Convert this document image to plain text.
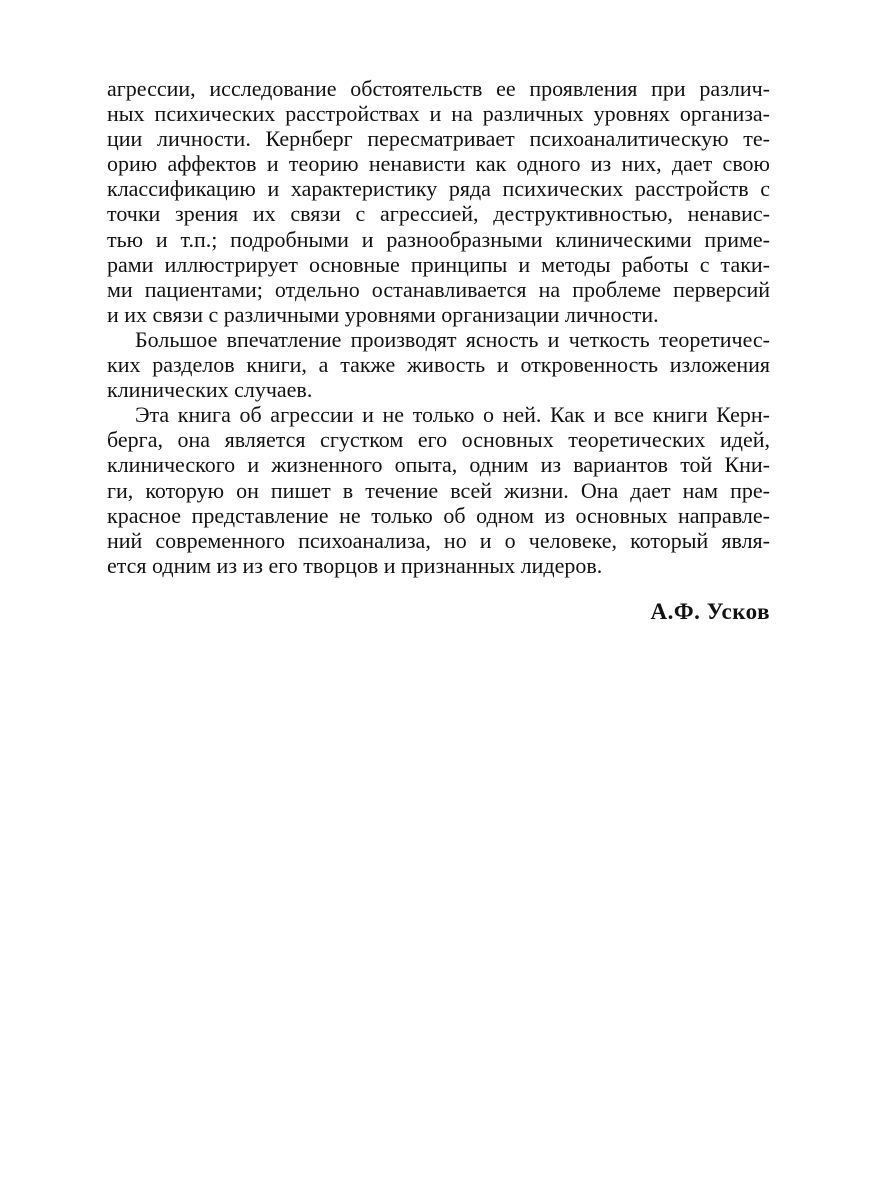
агрессии, исследование обстоятельств ее проявления при различ-
ных психических расстройствах и на различных уровнях организа-
ции личности. Кернберг пересматривает психоаналитическую те-
орию аффектов и теорию ненависти как одного из них, дает свою
классификацию и характеристику ряда психических расстройств с
точки зрения их связи с агрессией, деструктивностью, ненавис-
тью и т.п.; подробными и разнообразными клиническими приме-
рами иллюстрирует основные принципы и методы работы с таки-
ми пациентами; отдельно останавливается на проблеме перверсий
и их связи с различными уровнями организации личности.
Большое впечатление производят ясность и четкость теоретичес-
ких разделов книги, а также живость и откровенность изложения
клинических случаев.
Эта книга об агрессии и не только о ней. Как и все книги Керн-
берга, она является сгустком его основных теоретических идей,
клинического и жизненного опыта, одним из вариантов той Кни-
ги, которую он пишет в течение всей жизни. Она дает нам пре-
красное представление не только об одном из основных направле-
ний современного психоанализа, но и о человеке, который явля-
ется одним из из его творцов и признанных лидеров.
А.Ф. Усков
